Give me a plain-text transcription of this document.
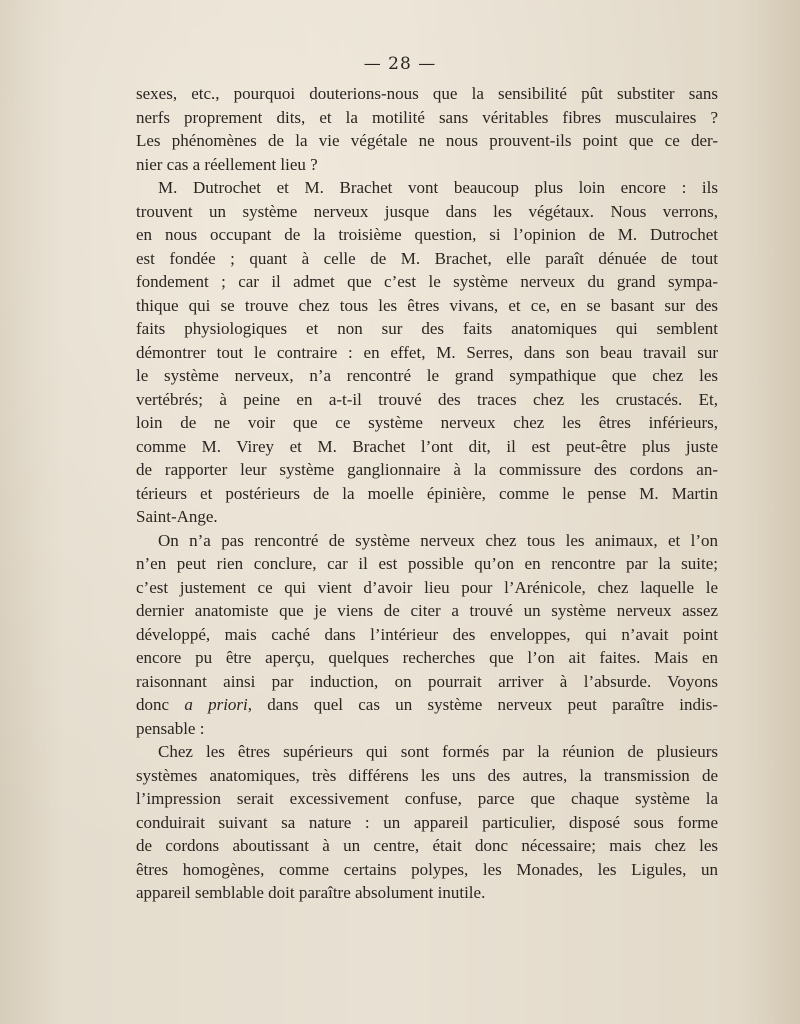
— 28 —

sexes, etc., pourquoi douterions-nous que la sensibilité pût substiter sans
nerfs proprement dits, et la motilité sans véritables fibres musculaires ?
Les phénomènes de la vie végétale ne nous prouvent-ils point que ce der-
nier cas a réellement lieu ?

M. Dutrochet et M. Brachet vont beaucoup plus loin encore : ils
trouvent un système nerveux jusque dans les végétaux. Nous verrons,
en nous occupant de la troisième question, si l’opinion de M. Dutrochet
est fondée ; quant à celle de M. Brachet, elle paraît dénuée de tout
fondement ; car il admet que c’est le système nerveux du grand sympa-
thique qui se trouve chez tous les êtres vivans, et ce, en se basant sur des
faits physiologiques et non sur des faits anatomiques qui semblent
démontrer tout le contraire : en effet, M. Serres, dans son beau travail sur
le système nerveux, n’a rencontré le grand sympathique que chez les
vertébrés; à peine en a-t-il trouvé des traces chez les crustacés. Et,
loin de ne voir que ce système nerveux chez les êtres inférieurs,
comme M. Virey et M. Brachet l’ont dit, il est peut-être plus juste
de rapporter leur système ganglionnaire à la commissure des cordons an-
térieurs et postérieurs de la moelle épinière, comme le pense M. Martin
Saint-Ange.

On n’a pas rencontré de système nerveux chez tous les animaux, et l’on
n’en peut rien conclure, car il est possible qu’on en rencontre par la suite;
c’est justement ce qui vient d’avoir lieu pour l’Arénicole, chez laquelle le
dernier anatomiste que je viens de citer a trouvé un système nerveux assez
développé, mais caché dans l’intérieur des enveloppes, qui n’avait point
encore pu être aperçu, quelques recherches que l’on ait faites. Mais en
raisonnant ainsi par induction, on pourrait arriver à l’absurde. Voyons
donc a priori, dans quel cas un système nerveux peut paraître indis-
pensable :

Chez les êtres supérieurs qui sont formés par la réunion de plusieurs
systèmes anatomiques, très différens les uns des autres, la transmission de
l’impression serait excessivement confuse, parce que chaque système la
conduirait suivant sa nature : un appareil particulier, disposé sous forme
de cordons aboutissant à un centre, était donc nécessaire; mais chez les
êtres homogènes, comme certains polypes, les Monades, les Ligules, un
appareil semblable doit paraître absolument inutile.
